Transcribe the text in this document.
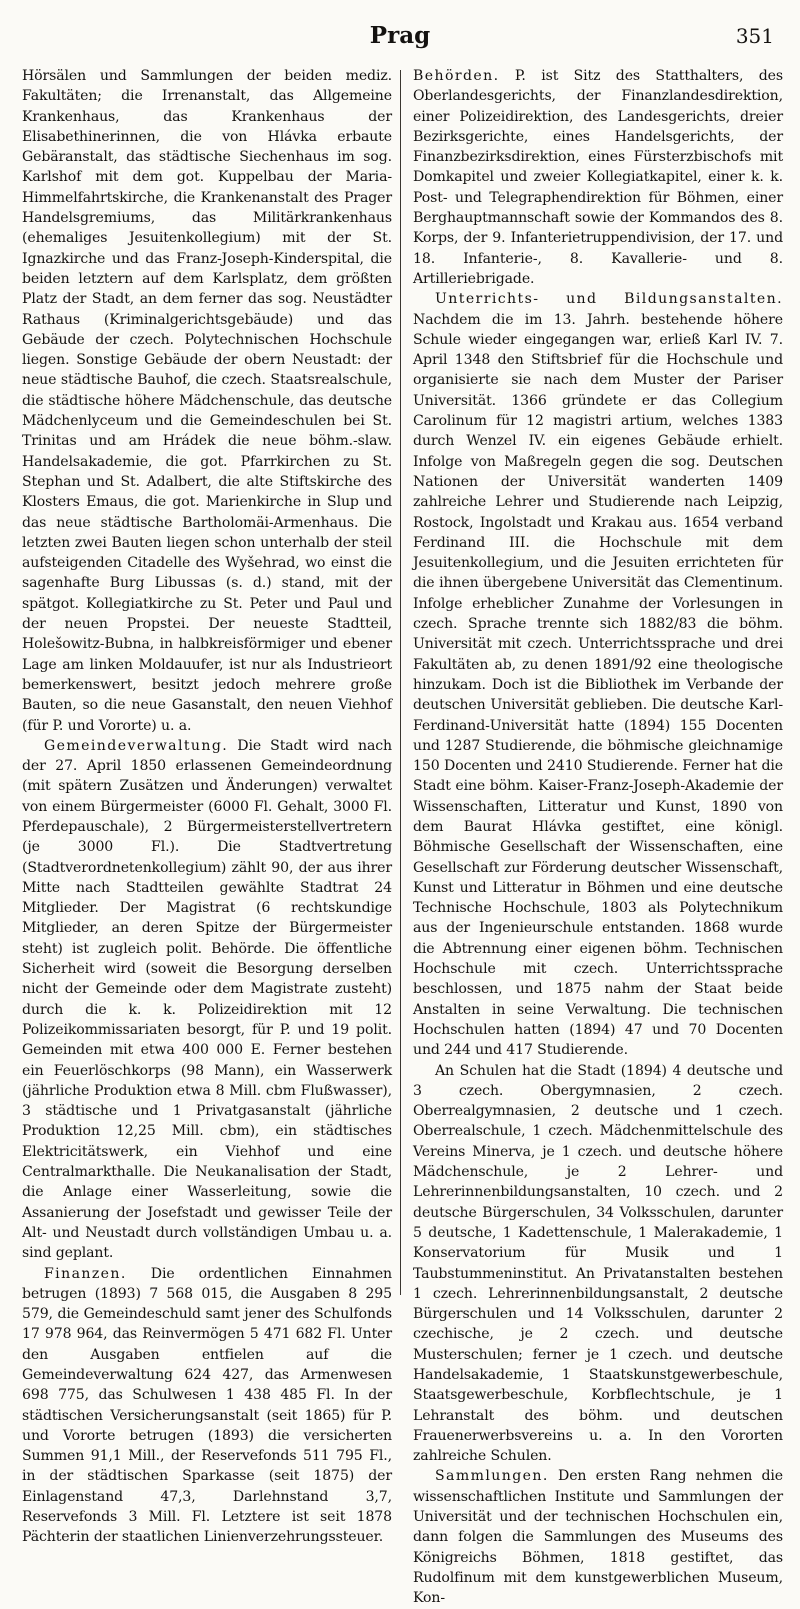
Prag	351

Hörsälen und Sammlungen der beiden mediz. Fakultäten; die Irrenanstalt, das Allgemeine Krankenhaus, das Krankenhaus der Elisabethinerinnen, die von Hlávka erbaute Gebäranstalt, das städtische Siechenhaus im sog. Karlshof mit dem got. Kuppelbau der Maria-Himmelfahrtskirche, die Krankenanstalt des Prager Handelsgremiums, das Militärkrankenhaus (ehemaliges Jesuitenkollegium) mit der St. Ignazkirche und das Franz-Joseph-Kinderspital, die beiden letztern auf dem Karlsplatz, dem größten Platz der Stadt, an dem ferner das sog. Neustädter Rathaus (Kriminalgerichtsgebäude) und das Gebäude der czech. Polytechnischen Hochschule liegen. Sonstige Gebäude der obern Neustadt: der neue städtische Bauhof, die czech. Staatsrealschule, die städtische höhere Mädchenschule, das deutsche Mädchenlyceum und die Gemeindeschulen bei St. Trinitas und am Hrádek die neue böhm.-slaw. Handelsakademie, die got. Pfarrkirchen zu St. Stephan und St. Adalbert, die alte Stiftskirche des Klosters Emaus, die got. Marienkirche in Slup und das neue städtische Bartholomäi-Armenhaus. Die letzten zwei Bauten liegen schon unterhalb der steil aufsteigenden Citadelle des Wyšehrad, wo einst die sagenhafte Burg Libussas (s. d.) stand, mit der spätgot. Kollegiatkirche zu St. Peter und Paul und der neuen Propstei. Der neueste Stadtteil, Holešowitz-Bubna, in halbkreisförmiger und ebener Lage am linken Moldauufer, ist nur als Industrieort bemerkenswert, besitzt jedoch mehrere große Bauten, so die neue Gasanstalt, den neuen Viehhof (für P. und Vororte) u. a.

Gemeindeverwaltung. Die Stadt wird nach der 27. April 1850 erlassenen Gemeindeordnung (mit spätern Zusätzen und Änderungen) verwaltet von einem Bürgermeister (6000 Fl. Gehalt, 3000 Fl. Pferdepauschale), 2 Bürgermeisterstellvertretern (je 3000 Fl.). Die Stadtvertretung (Stadtverordnetenkollegium) zählt 90, der aus ihrer Mitte nach Stadtteilen gewählte Stadtrat 24 Mitglieder. Der Magistrat (6 rechtskundige Mitglieder, an deren Spitze der Bürgermeister steht) ist zugleich polit. Behörde. Die öffentliche Sicherheit wird (soweit die Besorgung derselben nicht der Gemeinde oder dem Magistrate zusteht) durch die k. k. Polizeidirektion mit 12 Polizeikommissariaten besorgt, für P. und 19 polit. Gemeinden mit etwa 400 000 E. Ferner bestehen ein Feuerlöschkorps (98 Mann), ein Wasserwerk (jährliche Produktion etwa 8 Mill. cbm Flußwasser), 3 städtische und 1 Privatgasanstalt (jährliche Produktion 12,25 Mill. cbm), ein städtisches Elektricitätswerk, ein Viehhof und eine Centralmarkthalle. Die Neukanalisation der Stadt, die Anlage einer Wasserleitung, sowie die Assanierung der Josefstadt und gewisser Teile der Alt- und Neustadt durch vollständigen Umbau u. a. sind geplant.

Finanzen. Die ordentlichen Einnahmen betrugen (1893) 7 568 015, die Ausgaben 8 295 579, die Gemeindeschuld samt jener des Schulfonds 17 978 964, das Reinvermögen 5 471 682 Fl. Unter den Ausgaben entfielen auf die Gemeindeverwaltung 624 427, das Armenwesen 698 775, das Schulwesen 1 438 485 Fl. In der städtischen Versicherungsanstalt (seit 1865) für P. und Vororte betrugen (1893) die versicherten Summen 91,1 Mill., der Reservefonds 511 795 Fl., in der städtischen Sparkasse (seit 1875) der Einlagenstand 47,3, Darlehnstand 3,7, Reservefonds 3 Mill. Fl. Letztere ist seit 1878 Pächterin der staatlichen Linienverzehrungssteuer.

Behörden. P. ist Sitz des Statthalters, des Oberlandesgerichts, der Finanzlandesdirektion, einer Polizeidirektion, des Landesgerichts, dreier Bezirksgerichte, eines Handelsgerichts, der Finanzbezirksdirektion, eines Fürsterzbischofs mit Domkapitel und zweier Kollegiatkapitel, einer k. k. Post- und Telegraphendirektion für Böhmen, einer Berghauptmannschaft sowie der Kommandos des 8. Korps, der 9. Infanterietruppendivision, der 17. und 18. Infanterie-, 8. Kavallerie- und 8. Artilleriebrigade.

Unterrichts- und Bildungsanstalten. Nachdem die im 13. Jahrh. bestehende höhere Schule wieder eingegangen war, erließ Karl IV. 7. April 1348 den Stiftsbrief für die Hochschule und organisierte sie nach dem Muster der Pariser Universität. 1366 gründete er das Collegium Carolinum für 12 magistri artium, welches 1383 durch Wenzel IV. ein eigenes Gebäude erhielt. Infolge von Maßregeln gegen die sog. Deutschen Nationen der Universität wanderten 1409 zahlreiche Lehrer und Studierende nach Leipzig, Rostock, Ingolstadt und Krakau aus. 1654 verband Ferdinand III. die Hochschule mit dem Jesuitenkollegium, und die Jesuiten errichteten für die ihnen übergebene Universität das Clementinum. Infolge erheblicher Zunahme der Vorlesungen in czech. Sprache trennte sich 1882/83 die böhm. Universität mit czech. Unterrichtssprache und drei Fakultäten ab, zu denen 1891/92 eine theologische hinzukam. Doch ist die Bibliothek im Verbande der deutschen Universität geblieben. Die deutsche Karl-Ferdinand-Universität hatte (1894) 155 Docenten und 1287 Studierende, die böhmische gleichnamige 150 Docenten und 2410 Studierende. Ferner hat die Stadt eine böhm. Kaiser-Franz-Joseph-Akademie der Wissenschaften, Litteratur und Kunst, 1890 von dem Baurat Hlávka gestiftet, eine königl. Böhmische Gesellschaft der Wissenschaften, eine Gesellschaft zur Förderung deutscher Wissenschaft, Kunst und Litteratur in Böhmen und eine deutsche Technische Hochschule, 1803 als Polytechnikum aus der Ingenieurschule entstanden. 1868 wurde die Abtrennung einer eigenen böhm. Technischen Hochschule mit czech. Unterrichtssprache beschlossen, und 1875 nahm der Staat beide Anstalten in seine Verwaltung. Die technischen Hochschulen hatten (1894) 47 und 70 Docenten und 244 und 417 Studierende.

An Schulen hat die Stadt (1894) 4 deutsche und 3 czech. Obergymnasien, 2 czech. Oberrealgymnasien, 2 deutsche und 1 czech. Oberrealschule, 1 czech. Mädchenmittelschule des Vereins Minerva, je 1 czech. und deutsche höhere Mädchenschule, je 2 Lehrer- und Lehrerinnenbildungsanstalten, 10 czech. und 2 deutsche Bürgerschulen, 34 Volksschulen, darunter 5 deutsche, 1 Kadettenschule, 1 Malerakademie, 1 Konservatorium für Musik und 1 Taubstummeninstitut. An Privatanstalten bestehen 1 czech. Lehrerinnenbildungsanstalt, 2 deutsche Bürgerschulen und 14 Volksschulen, darunter 2 czechische, je 2 czech. und deutsche Musterschulen; ferner je 1 czech. und deutsche Handelsakademie, 1 Staatskunstgewerbeschule, Staatsgewerbeschule, Korbflechtschule, je 1 Lehranstalt des böhm. und deutschen Frauenerwerbsvereins u. a. In den Vororten zahlreiche Schulen.

Sammlungen. Den ersten Rang nehmen die wissenschaftlichen Institute und Sammlungen der Universität und der technischen Hochschulen ein, dann folgen die Sammlungen des Museums des Königreichs Böhmen, 1818 gestiftet, das Rudolfinum mit dem kunstgewerblichen Museum, Kon-
